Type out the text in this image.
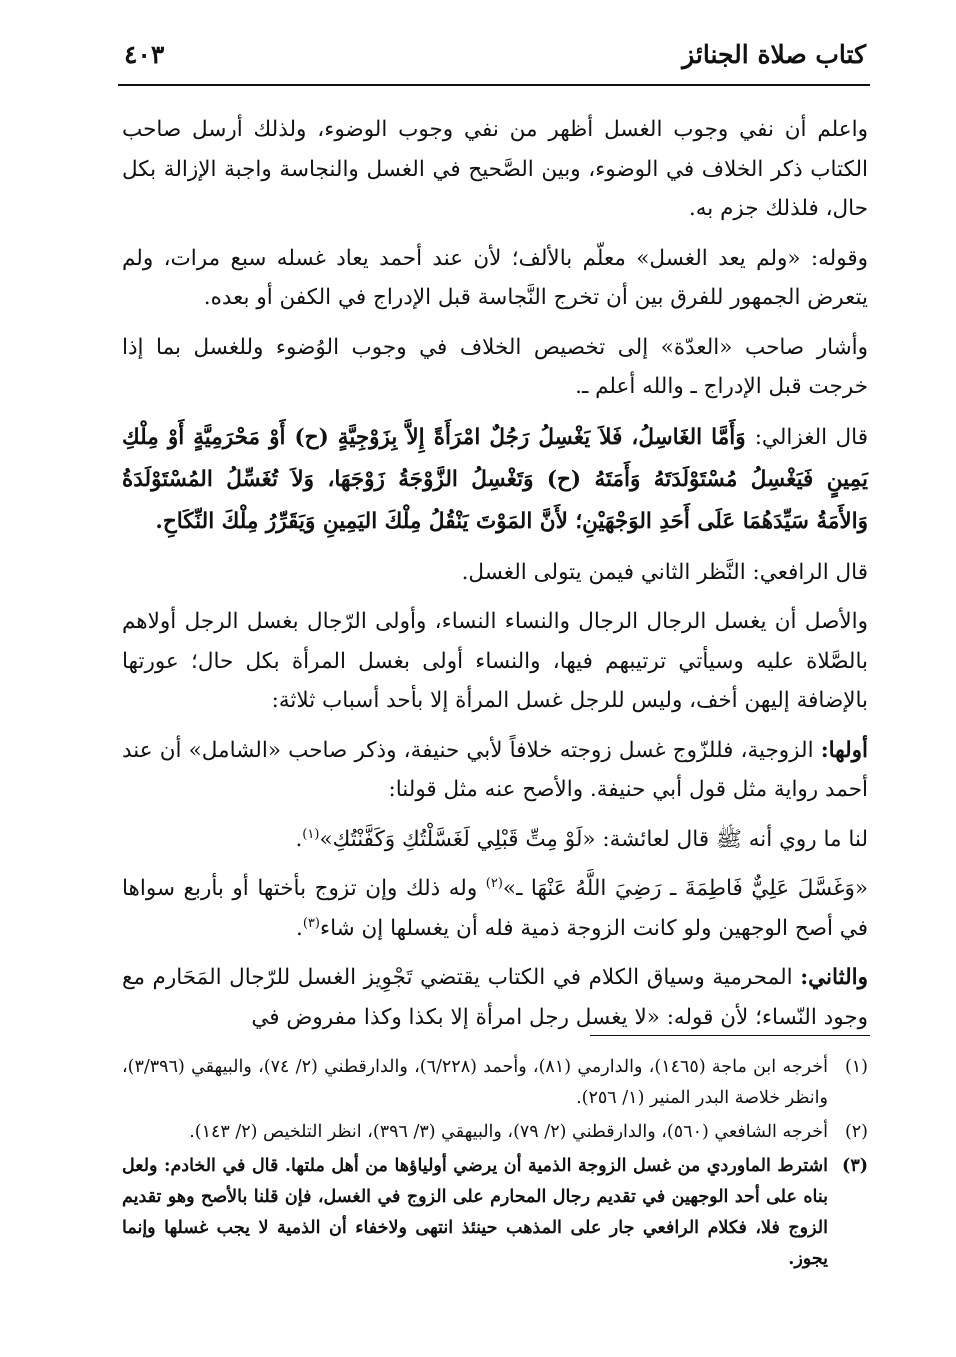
كتاب صلاة الجنائز
٤٠٣

واعلم أن نفي وجوب الغسل أظهر من نفي وجوب الوضوء، ولذلك أرسل صاحب الكتاب ذكر الخلاف في الوضوء، وبين الصَّحيح في الغسل والنجاسة واجبة الإزالة بكل حال، فلذلك جزم به.

وقوله: «ولم يعد الغسل» معلّم بالألف؛ لأن عند أحمد يعاد غسله سبع مرات، ولم يتعرض الجمهور للفرق بين أن تخرج النَّجاسة قبل الإدراج في الكفن أو بعده.

وأشار صاحب «العدّة» إلى تخصيص الخلاف في وجوب الوُضوء وللغسل بما إذا خرجت قبل الإدراج ـ والله أعلم ـ.

قال الغزالي: وَأَمَّا الغَاسِلُ، فَلاَ يَغْسِلُ رَجُلٌ امْرَأَةً إِلاَّ بِزَوْجِيَّةٍ (ح) أَوْ مَحْرَمِيَّةٍ أَوْ مِلْكِ يَمِينٍ فَيَغْسِلُ مُسْتَوْلَدَتَهُ وَأَمَتَهُ (ح) وَتَغْسِلُ الزَّوْجَةُ زَوْجَهَا، وَلاَ تُغَسِّلُ المُسْتَوْلَدَةُ وَالأَمَةُ سَيِّدَهُمَا عَلَى أَحَدِ الوَجْهَيْنِ؛ لأَنَّ المَوْتَ يَنْقُلُ مِلْكَ اليَمِينِ وَيَقَرِّرُ مِلْكَ النِّكَاحِ.

قال الرافعي: النَّظر الثاني فيمن يتولى الغسل.

والأصل أن يغسل الرجال الرجال والنساء النساء، وأولى الرّجال بغسل الرجل أولاهم بالصَّلاة عليه وسيأتي ترتيبهم فيها، والنساء أولى بغسل المرأة بكل حال؛ عورتها بالإضافة إليهن أخف، وليس للرجل غسل المرأة إلا بأحد أسباب ثلاثة:

أولها: الزوجية، فللزّوج غسل زوجته خلافاً لأبي حنيفة، وذكر صاحب «الشامل» أن عند أحمد رواية مثل قول أبي حنيفة. والأصح عنه مثل قولنا:

لنا ما روي أنه ﷺ قال لعائشة: «لَوْ مِتِّ قَبْلِي لَغَسَّلْتُكِ وَكَفَّنْتُكِ»$^{(١)}$.

«وَغَسَّلَ عَلِيٌّ فَاطِمَةَ ـ رَضِيَ اللَّهُ عَنْهَا ـ»$^{(٢)}$ وله ذلك وإن تزوج بأختها أو بأربع سواها في أصح الوجهين ولو كانت الزوجة ذمية فله أن يغسلها إن شاء$^{(٣)}$.

والثاني: المحرمية وسياق الكلام في الكتاب يقتضي تَجْوِيز الغسل للرّجال المَحَارم مع وجود النّساء؛ لأن قوله: «لا يغسل رجل امرأة إلا بكذا وكذا مفروض في

(١)
أخرجه ابن ماجة (١٤٦٥)، والدارمي (٨١)، وأحمد (٦/٢٢٨)، والدارقطني (٢/ ٧٤)، والبيهقي (٣/٣٩٦)، وانظر خلاصة البدر المنير (١/ ٢٥٦).
(٢)
أخرجه الشافعي (٥٦٠)، والدارقطني (٢/ ٧٩)، والبيهقي (٣/ ٣٩٦)، انظر التلخيص (٢/ ١٤٣).
(٣)
اشترط الماوردي من غسل الزوجة الذمية أن يرضي أولياؤها من أهل ملتها. قال في الخادم: ولعل بناه على أحد الوجهين في تقديم رجال المحارم على الزوج في الغسل، فإن قلنا بالأصح وهو تقديم الزوج فلا، فكلام الرافعي جار على المذهب حينئذ انتهى ولاخفاء أن الذمية لا يجب غسلها وإنما يجوز.
